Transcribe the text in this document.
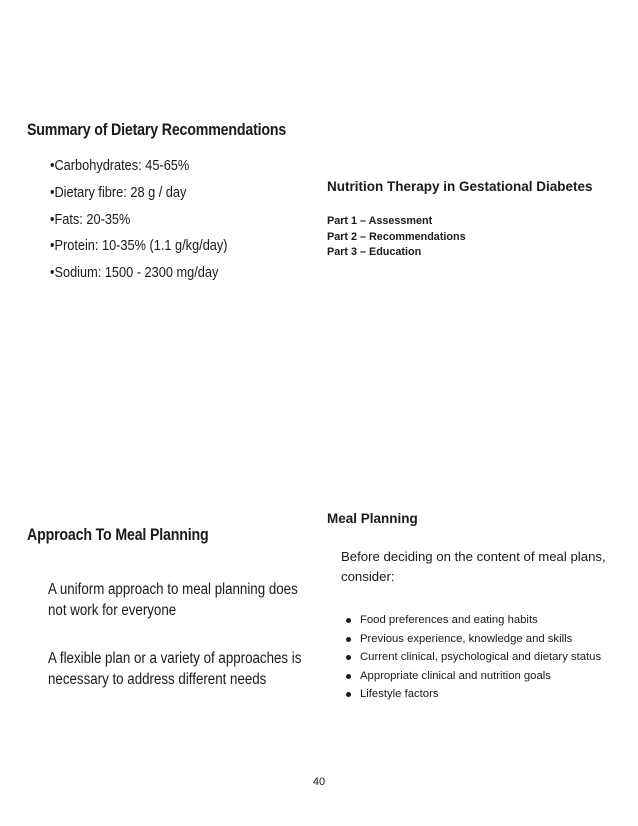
Summary of Dietary Recommendations
•Carbohydrates: 45-65%
•Dietary fibre: 28 g / day
•Fats: 20-35%
•Protein: 10-35% (1.1 g/kg/day)
•Sodium: 1500 - 2300 mg/day
Approach To Meal Planning

A uniform approach to meal planning does
not work for everyone

A flexible plan or a variety of approaches is
necessary to address different needs

Nutrition Therapy in Gestational Diabetes
Part 1 – Assessment
Part 2 – Recommendations
Part 3 – Education
Meal Planning

Before deciding on the content of meal plans, consider:

Food preferences and eating habits
Previous experience, knowledge and skills
Current clinical, psychological and dietary status
Appropriate clinical and nutrition goals
Lifestyle factors
40
